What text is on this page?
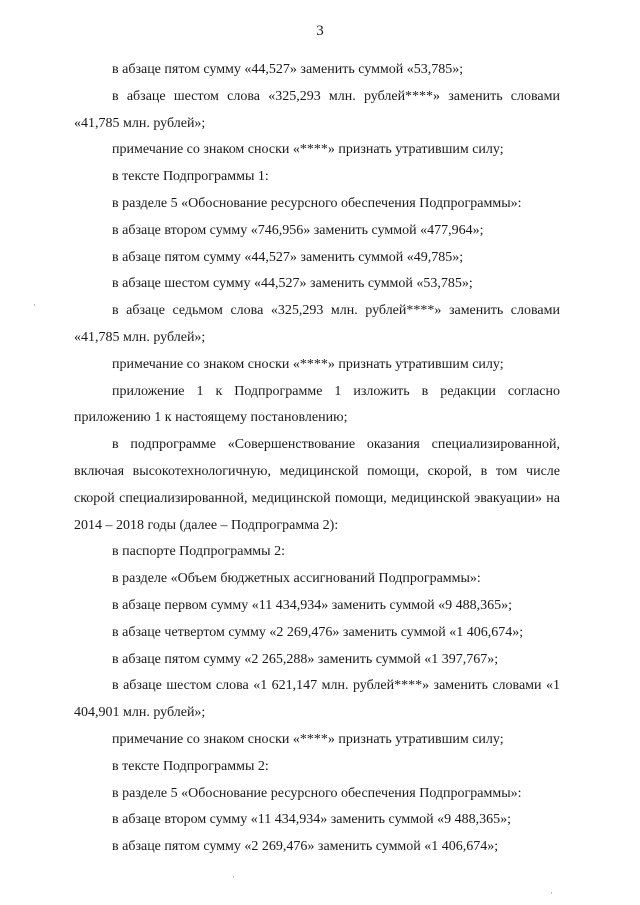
3

в абзаце пятом сумму «44,527» заменить суммой «53,785»;

в абзаце шестом слова «325,293 млн. рублей****» заменить словами «41,785 млн. рублей»;

примечание со знаком сноски «****» признать утратившим силу;

в тексте Подпрограммы 1:

в разделе 5 «Обоснование ресурсного обеспечения Подпрограммы»:

в абзаце втором сумму «746,956» заменить суммой «477,964»;

в абзаце пятом сумму «44,527» заменить суммой «49,785»;

в абзаце шестом сумму «44,527» заменить суммой «53,785»;

в абзаце седьмом слова «325,293 млн. рублей****» заменить словами «41,785 млн. рублей»;

примечание со знаком сноски «****» признать утратившим силу;

приложение 1 к Подпрограмме 1 изложить в редакции согласно приложению 1 к настоящему постановлению;

в подпрограмме «Совершенствование оказания специализированной, включая высокотехнологичную, медицинской помощи, скорой, в том числе скорой специализированной, медицинской помощи, медицинской эвакуации» на 2014 – 2018 годы (далее – Подпрограмма 2):

в паспорте Подпрограммы 2:

в разделе «Объем бюджетных ассигнований Подпрограммы»:

в абзаце первом сумму «11 434,934» заменить суммой «9 488,365»;

в абзаце четвертом сумму «2 269,476» заменить суммой «1 406,674»;

в абзаце пятом сумму «2 265,288» заменить суммой «1 397,767»;

в абзаце шестом слова «1 621,147 млн. рублей****» заменить словами «1 404,901 млн. рублей»;

примечание со знаком сноски «****» признать утратившим силу;

в тексте Подпрограммы 2:

в разделе 5 «Обоснование ресурсного обеспечения Подпрограммы»:

в абзаце втором сумму «11 434,934» заменить суммой «9 488,365»;

в абзаце пятом сумму «2 269,476» заменить суммой «1 406,674»;

·
·
·
